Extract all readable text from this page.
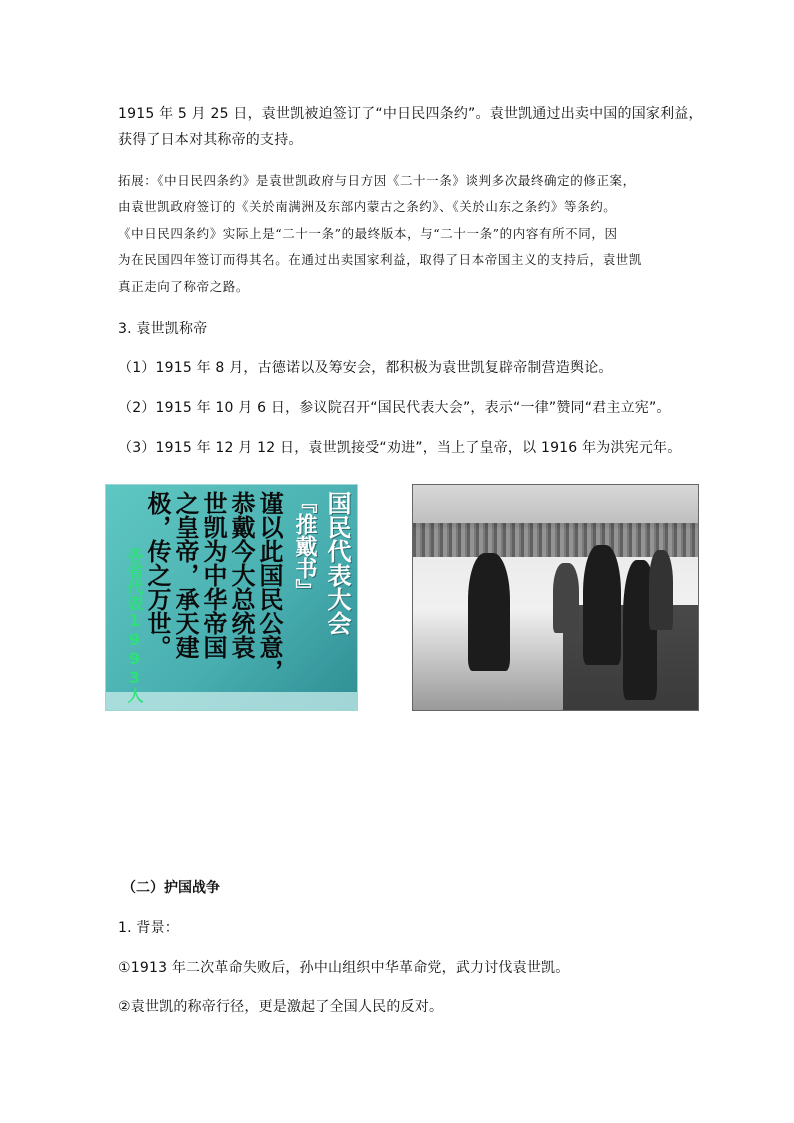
1915 年 5 月 25 日，袁世凯被迫签订了“中日民四条约”。袁世凯通过出卖中国的国家利益，
获得了日本对其称帝的支持。
拓展：《中日民四条约》是袁世凯政府与日方因《二十一条》谈判多次最终确定的修正案，
由袁世凯政府签订的《关於南满洲及东部内蒙古之条约》、《关於山东之条约》等条约。
《中日民四条约》实际上是“二十一条”的最终版本，与“二十一条”的内容有所不同，因
为在民国四年签订而得其名。在通过出卖国家利益，取得了日本帝国主义的支持后，袁世凯
真正走向了称帝之路。
3. 袁世凯称帝
（1）1915 年 8 月，古德诺以及筹安会，都积极为袁世凯复辟帝制营造舆论。
（2）1915 年 10 月 6 日，参议院召开“国民代表大会”，表示“一律”赞同“君主立宪”。
（3）1915 年 12 月 12 日，袁世凯接受“劝进”，当上了皇帝，以 1916 年为洪宪元年。
国民代表大会
『推戴书』
谨以此国民公意，
恭戴今大总统袁
世凯为中华帝国
之皇帝，承天建
极，传之万世。
各省代表1993人
（二）护国战争
1. 背景：
①1913 年二次革命失败后，孙中山组织中华革命党，武力讨伐袁世凯。
②袁世凯的称帝行径，更是激起了全国人民的反对。
